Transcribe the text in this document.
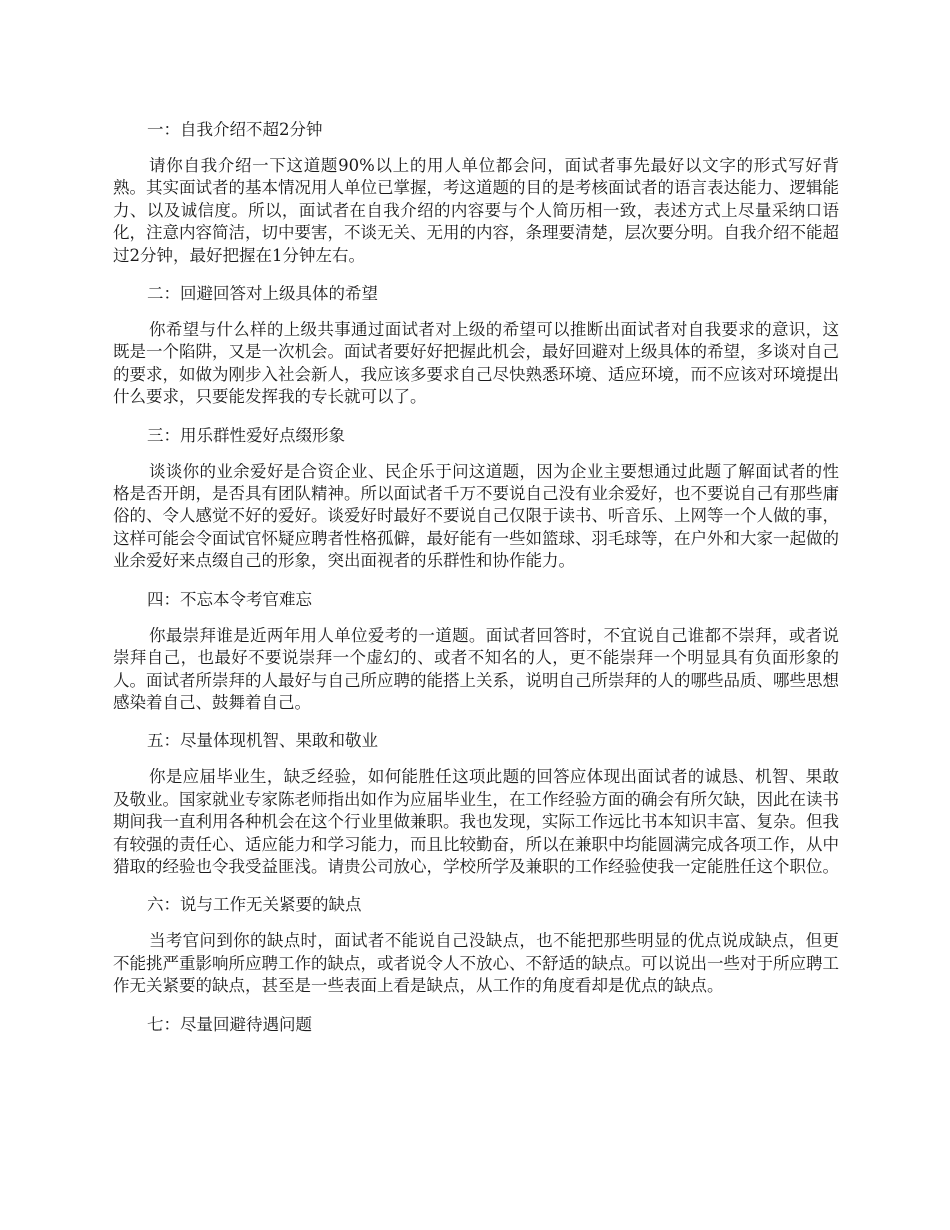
一：自我介绍不超2分钟

请你自我介绍一下这道题90%以上的用人单位都会问，面试者事先最好以文字的形式写好背熟。其实面试者的基本情况用人单位已掌握，考这道题的目的是考核面试者的语言表达能力、逻辑能力、以及诚信度。所以，面试者在自我介绍的内容要与个人简历相一致，表述方式上尽量采纳口语化，注意内容简洁，切中要害，不谈无关、无用的内容，条理要清楚，层次要分明。自我介绍不能超过2分钟，最好把握在1分钟左右。

二：回避回答对上级具体的希望

你希望与什么样的上级共事通过面试者对上级的希望可以推断出面试者对自我要求的意识，这既是一个陷阱，又是一次机会。面试者要好好把握此机会，最好回避对上级具体的希望，多谈对自己的要求，如做为刚步入社会新人，我应该多要求自己尽快熟悉环境、适应环境，而不应该对环境提出什么要求，只要能发挥我的专长就可以了。

三：用乐群性爱好点缀形象

谈谈你的业余爱好是合资企业、民企乐于问这道题，因为企业主要想通过此题了解面试者的性格是否开朗，是否具有团队精神。所以面试者千万不要说自己没有业余爱好，也不要说自己有那些庸俗的、令人感觉不好的爱好。谈爱好时最好不要说自己仅限于读书、听音乐、上网等一个人做的事，这样可能会令面试官怀疑应聘者性格孤僻，最好能有一些如篮球、羽毛球等，在户外和大家一起做的业余爱好来点缀自己的形象，突出面视者的乐群性和协作能力。

四：不忘本令考官难忘

你最崇拜谁是近两年用人单位爱考的一道题。面试者回答时，不宜说自己谁都不崇拜，或者说崇拜自己，也最好不要说崇拜一个虚幻的、或者不知名的人，更不能崇拜一个明显具有负面形象的人。面试者所崇拜的人最好与自己所应聘的能搭上关系，说明自己所崇拜的人的哪些品质、哪些思想感染着自己、鼓舞着自己。

五：尽量体现机智、果敢和敬业

你是应届毕业生，缺乏经验，如何能胜任这项此题的回答应体现出面试者的诚恳、机智、果敢及敬业。国家就业专家陈老师指出如作为应届毕业生，在工作经验方面的确会有所欠缺，因此在读书期间我一直利用各种机会在这个行业里做兼职。我也发现，实际工作远比书本知识丰富、复杂。但我有较强的责任心、适应能力和学习能力，而且比较勤奋，所以在兼职中均能圆满完成各项工作，从中猎取的经验也令我受益匪浅。请贵公司放心，学校所学及兼职的工作经验使我一定能胜任这个职位。

六：说与工作无关紧要的缺点

当考官问到你的缺点时，面试者不能说自己没缺点，也不能把那些明显的优点说成缺点，但更不能挑严重影响所应聘工作的缺点，或者说令人不放心、不舒适的缺点。可以说出一些对于所应聘工作无关紧要的缺点，甚至是一些表面上看是缺点，从工作的角度看却是优点的缺点。

七：尽量回避待遇问题
